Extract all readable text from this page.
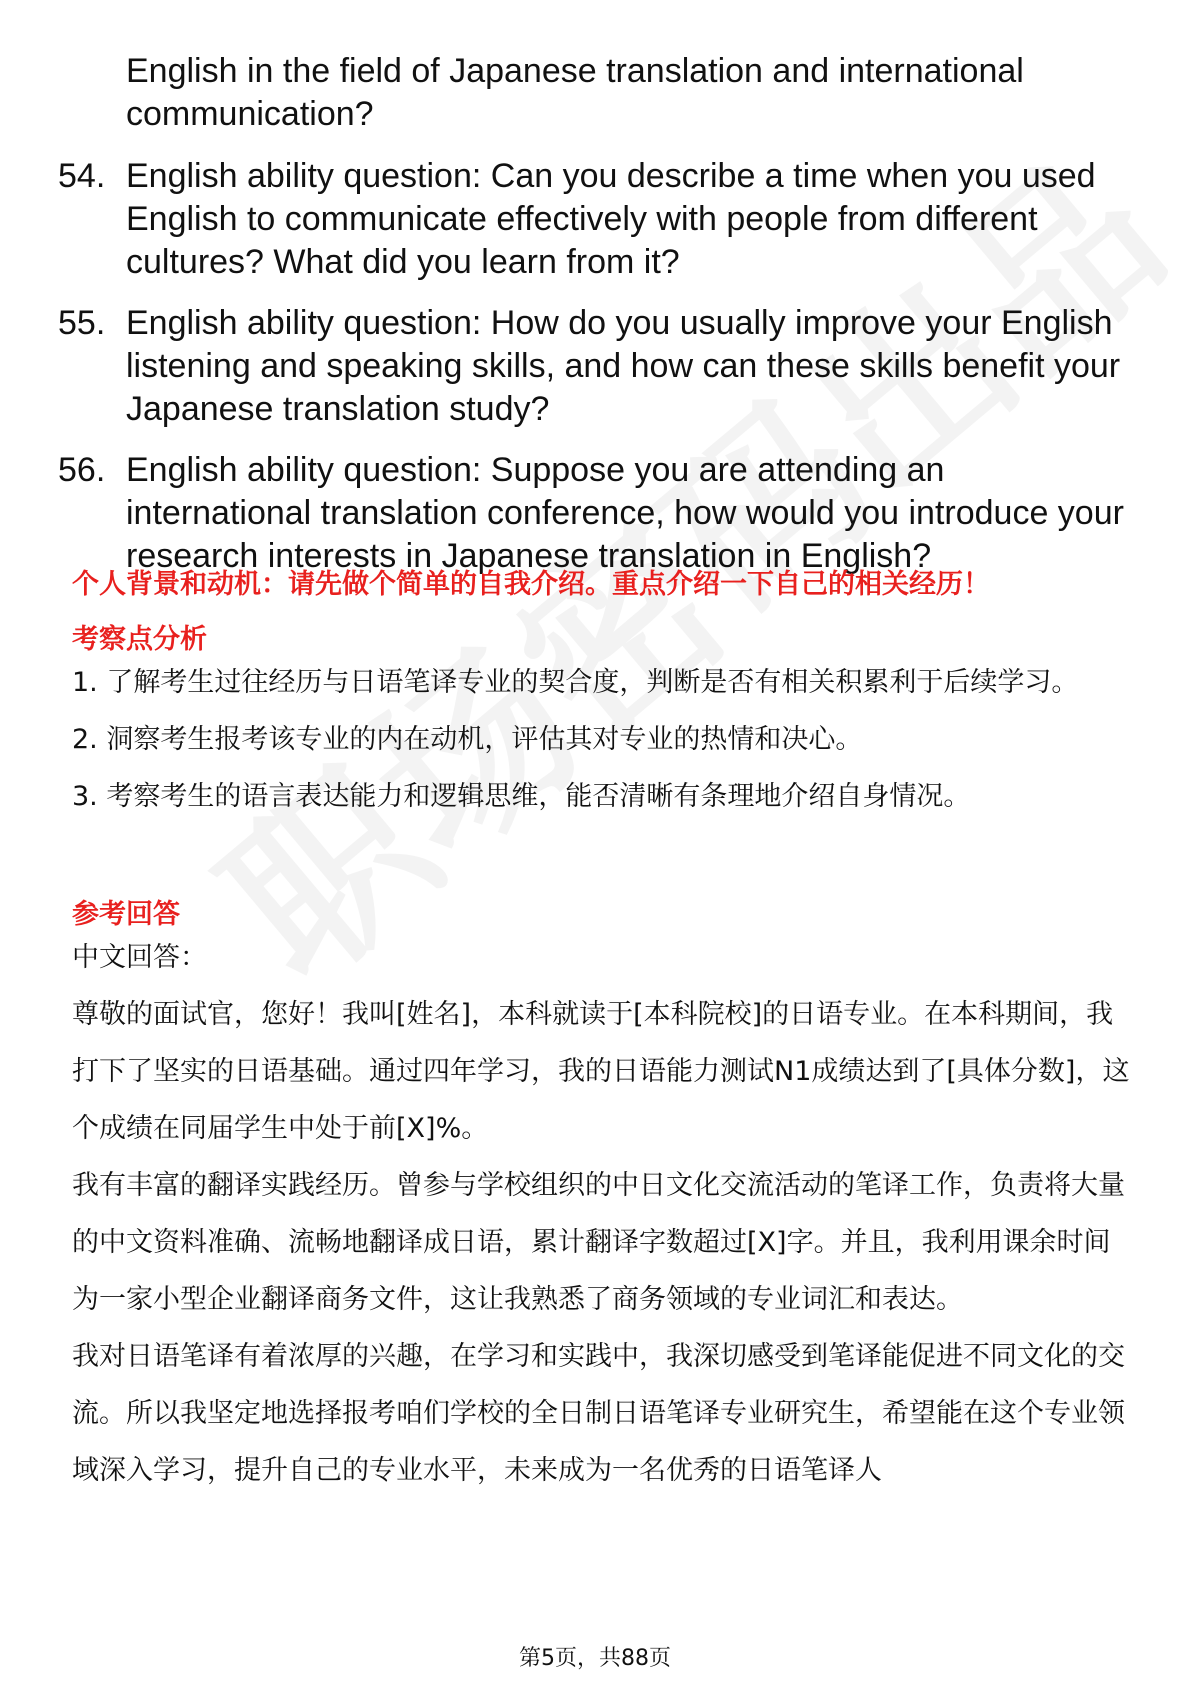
English in the field of Japanese translation and international communication?
54. English ability question: Can you describe a time when you used English to communicate effectively with people from different cultures? What did you learn from it?
55. English ability question: How do you usually improve your English listening and speaking skills, and how can these skills benefit your Japanese translation study?
56. English ability question: Suppose you are attending an international translation conference, how would you introduce your research interests in Japanese translation in English?
个人背景和动机：请先做个简单的自我介绍。重点介绍一下自己的相关经历！
考察点分析

1. 了解考生过往经历与日语笔译专业的契合度，判断是否有相关积累利于后续学习。

2. 洞察考生报考该专业的内在动机，评估其对专业的热情和决心。

3. 考察考生的语言表达能力和逻辑思维，能否清晰有条理地介绍自身情况。

参考回答

中文回答：

尊敬的面试官，您好！我叫[姓名]，本科就读于[本科院校]的日语专业。在本科期间，我打下了坚实的日语基础。通过四年学习，我的日语能力测试N1成绩达到了[具体分数]，这个成绩在同届学生中处于前[X]%。

我有丰富的翻译实践经历。曾参与学校组织的中日文化交流活动的笔译工作，负责将大量的中文资料准确、流畅地翻译成日语，累计翻译字数超过[X]字。并且，我利用课余时间为一家小型企业翻译商务文件，这让我熟悉了商务领域的专业词汇和表达。

我对日语笔译有着浓厚的兴趣，在学习和实践中，我深切感受到笔译能促进不同文化的交流。所以我坚定地选择报考咱们学校的全日制日语笔译专业研究生，希望能在这个专业领域深入学习，提升自己的专业水平，未来成为一名优秀的日语笔译人

第5页，共88页
